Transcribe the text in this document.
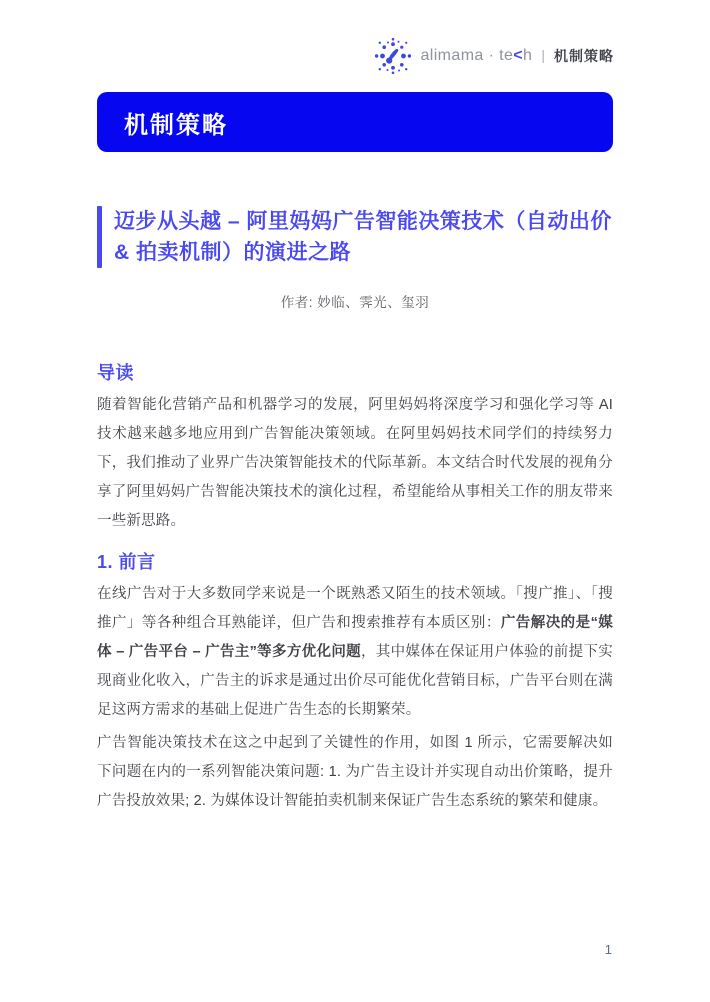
alimama · te<h | 机制策略
机制策略
迈步从头越 – 阿里妈妈广告智能决策技术（自动出价 & 拍卖机制）的演进之路
作者: 妙临、霁光、玺羽
导读

随着智能化营销产品和机器学习的发展，阿里妈妈将深度学习和强化学习等 AI 技术越来越多地应用到广告智能决策领域。在阿里妈妈技术同学们的持续努力下，我们推动了业界广告决策智能技术的代际革新。本文结合时代发展的视角分享了阿里妈妈广告智能决策技术的演化过程，希望能给从事相关工作的朋友带来一些新思路。

1. 前言

在线广告对于大多数同学来说是一个既熟悉又陌生的技术领域。「搜广推」、「搜推广」等各种组合耳熟能详，但广告和搜索推荐有本质区别：广告解决的是“媒体 – 广告平台 – 广告主”等多方优化问题，其中媒体在保证用户体验的前提下实现商业化收入，广告主的诉求是通过出价尽可能优化营销目标，广告平台则在满足这两方需求的基础上促进广告生态的长期繁荣。

广告智能决策技术在这之中起到了关键性的作用，如图 1 所示，它需要解决如下问题在内的一系列智能决策问题: 1. 为广告主设计并实现自动出价策略，提升广告投放效果; 2. 为媒体设计智能拍卖机制来保证广告生态系统的繁荣和健康。

1
